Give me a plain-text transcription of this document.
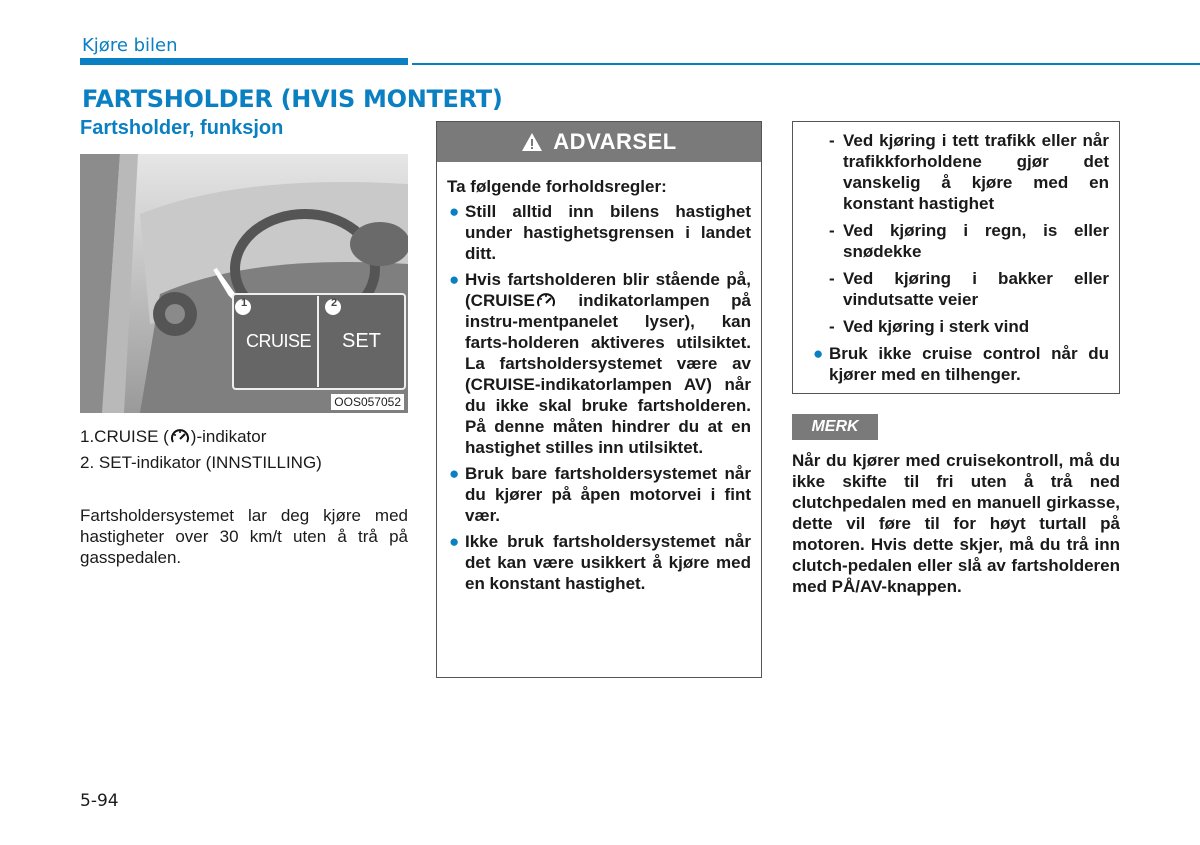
Kjøre bilen
FARTSHOLDER (HVIS MONTERT)
Fartsholder, funksjon
1	2
CRUISE SET
OOS057052
1.CRUISE ( )-indikator
2. SET-indikator (INNSTILLING)
Fartsholdersystemet lar deg kjøre med hastigheter over 30 km/t uten å trå på gasspedalen.
ADVARSEL
Ta følgende forholdsregler:
● Still alltid inn bilens hastighet under hastighetsgrensen i landet ditt.
● Hvis fartsholderen blir stående på, (CRUISE	indikatorlampen på instru-mentpanelet lyser), kan farts-holderen aktiveres utilsiktet. La fartsholdersystemet være av (CRUISE-indikatorlampen AV) når du ikke skal bruke fartsholderen. På denne måten hindrer du at en hastighet stilles inn utilsiktet.
● Bruk bare fartsholdersystemet når du kjører på åpen motorvei i fint vær.
● Ikke bruk fartsholdersystemet når det kan være usikkert å kjøre med en konstant hastighet.
- Ved kjøring i tett trafikk eller når trafikkforholdene gjør det vanskelig å kjøre med en konstant hastighet
- Ved kjøring i regn, is eller snødekke
- Ved kjøring i bakker eller vindutsatte veier
- Ved kjøring i sterk vind
● Bruk ikke cruise control når du kjører med en tilhenger.
MERK
Når du kjører med cruisekontroll, må du ikke skifte til fri uten å trå ned clutchpedalen med en manuell girkasse, dette vil føre til for høyt turtall på motoren. Hvis dette skjer, må du trå inn clutch-pedalen eller slå av fartsholderen med PÅ/AV-knappen.
5-94
